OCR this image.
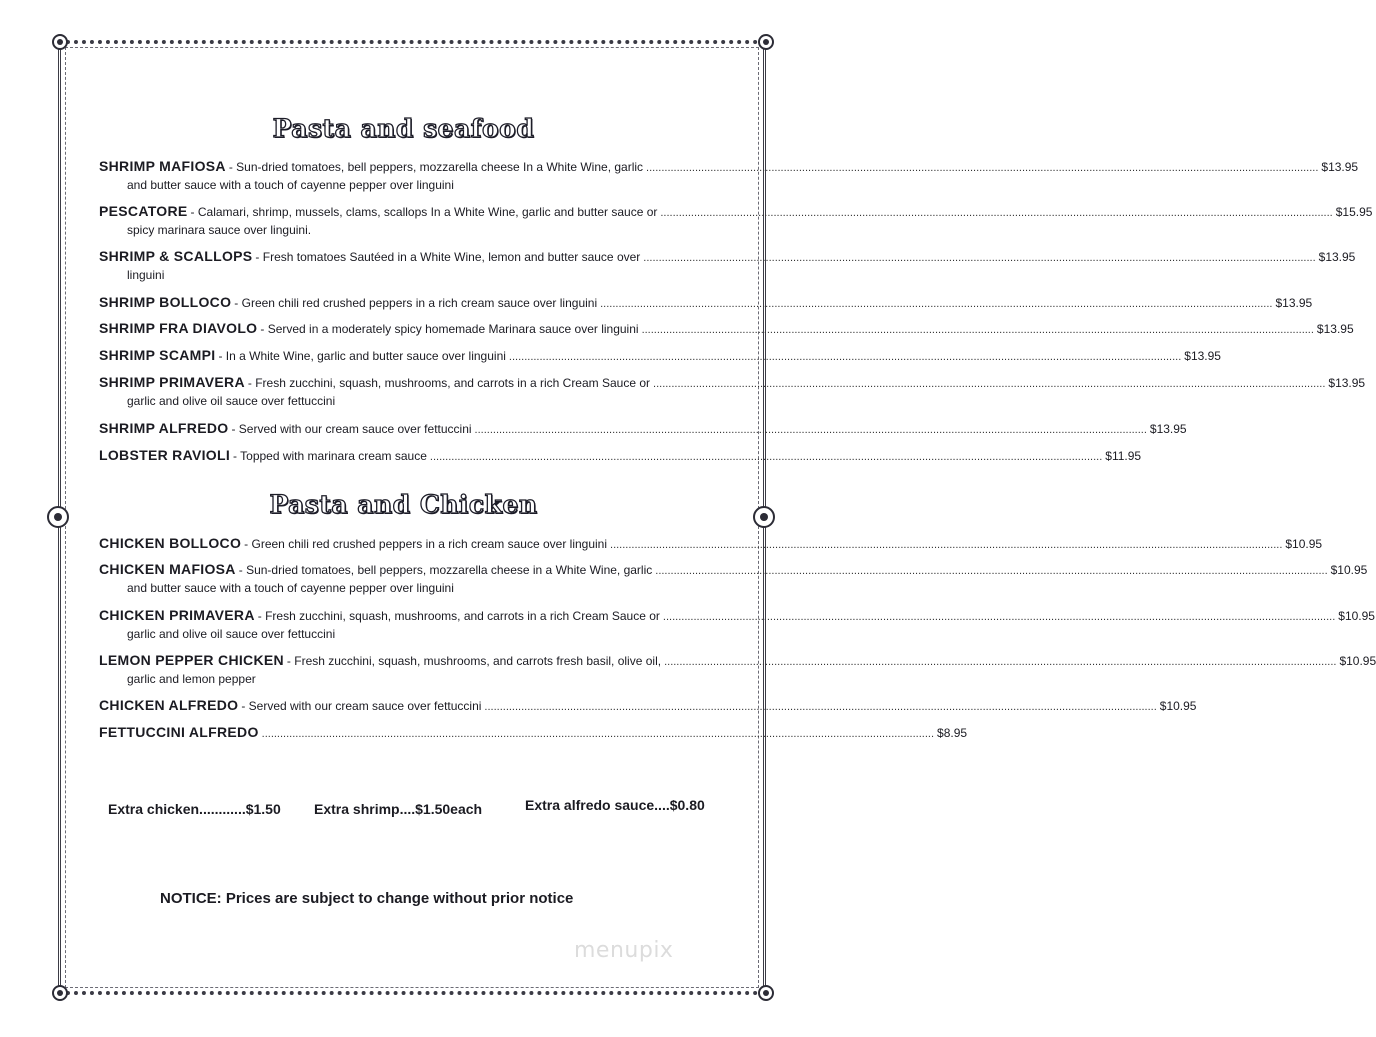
Pasta and seafood
SHRIMP MAFIOSA - Sun-dried tomatoes, bell peppers, mozzarella cheese In a White Wine, garlic .....	$13.95
and butter sauce with a touch of cayenne pepper over linguini
PESCATORE - Calamari, shrimp, mussels, clams, scallops In a White Wine, garlic and butter sauce or .....	$15.95
spicy marinara sauce over linguini.
SHRIMP & SCALLOPS - Fresh tomatoes Sautéed in a White Wine, lemon and butter sauce over .....	$13.95
linguini
SHRIMP BOLLOCO - Green chili red crushed peppers in a rich cream sauce over linguini .....	$13.95
SHRIMP FRA DIAVOLO - Served in a moderately spicy homemade Marinara sauce over linguini .....	$13.95
SHRIMP SCAMPI - In a White Wine, garlic and butter sauce over linguini .....	$13.95
SHRIMP PRIMAVERA - Fresh zucchini, squash, mushrooms, and carrots in a rich Cream Sauce or .....	$13.95
garlic and olive oil sauce over fettuccini
SHRIMP ALFREDO - Served with our cream sauce over fettuccini .....	$13.95
LOBSTER RAVIOLI - Topped with marinara cream sauce .....	$11.95
Pasta and Chicken
CHICKEN BOLLOCO - Green chili red crushed peppers in a rich cream sauce over linguini .....	$10.95
CHICKEN MAFIOSA - Sun-dried tomatoes, bell peppers, mozzarella cheese in a White Wine, garlic .....	$10.95
and butter sauce with a touch of cayenne pepper over linguini
CHICKEN PRIMAVERA - Fresh zucchini, squash, mushrooms, and carrots in a rich Cream Sauce or .....	$10.95
garlic and olive oil sauce over fettuccini
LEMON PEPPER CHICKEN - Fresh zucchini, squash, mushrooms, and carrots fresh basil, olive oil, .....	$10.95
garlic and lemon pepper
CHICKEN ALFREDO - Served with our cream sauce over fettuccini .....	$10.95
FETTUCCINI ALFREDO .....	$8.95
Extra chicken............$1.50 Extra shrimp....$1.50each	Extra alfredo sauce....$0.80
NOTICE: Prices are subject to change without prior notice
menupix
